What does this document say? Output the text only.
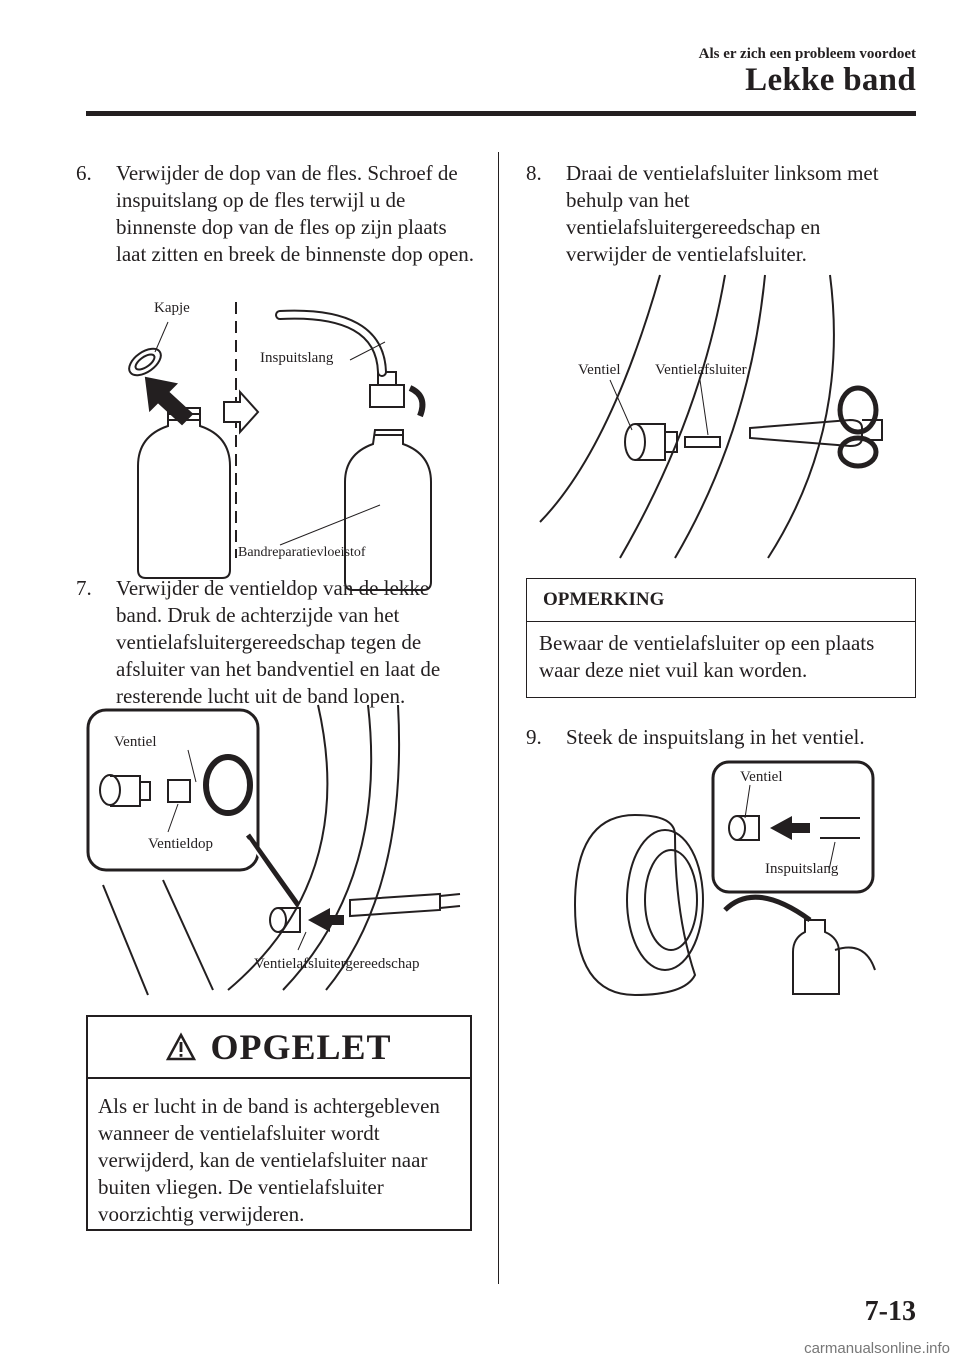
Als er zich een probleem voordoet
Lekke band
6. Verwijder de dop van de fles. Schroef de inspuitslang op de fles terwijl u de binnenste dop van de fles op zijn plaats laat zitten en breek de binnenste dop open.
Kapje
Inspuitslang
Bandreparatievloeistof
7. Verwijder de ventieldop van de lekke band. Druk de achterzijde van het ventielafsluitergereedschap tegen de afsluiter van het bandventiel en laat de resterende lucht uit de band lopen.
Ventiel
Ventieldop
Ventielafsluitergereedschap
OPGELET
Als er lucht in de band is achtergebleven wanneer de ventielafsluiter wordt verwijderd, kan de ventielafsluiter naar buiten vliegen. De ventielafsluiter voorzichtig verwijderen.
8. Draai de ventielafsluiter linksom met behulp van het ventielafsluitergereedschap en verwijder de ventielafsluiter.
Ventiel Ventielafsluiter
OPMERKING
Bewaar de ventielafsluiter op een plaats waar deze niet vuil kan worden.
9. Steek de inspuitslang in het ventiel.
Ventiel
Inspuitslang
7-13
carmanualsonline.info
